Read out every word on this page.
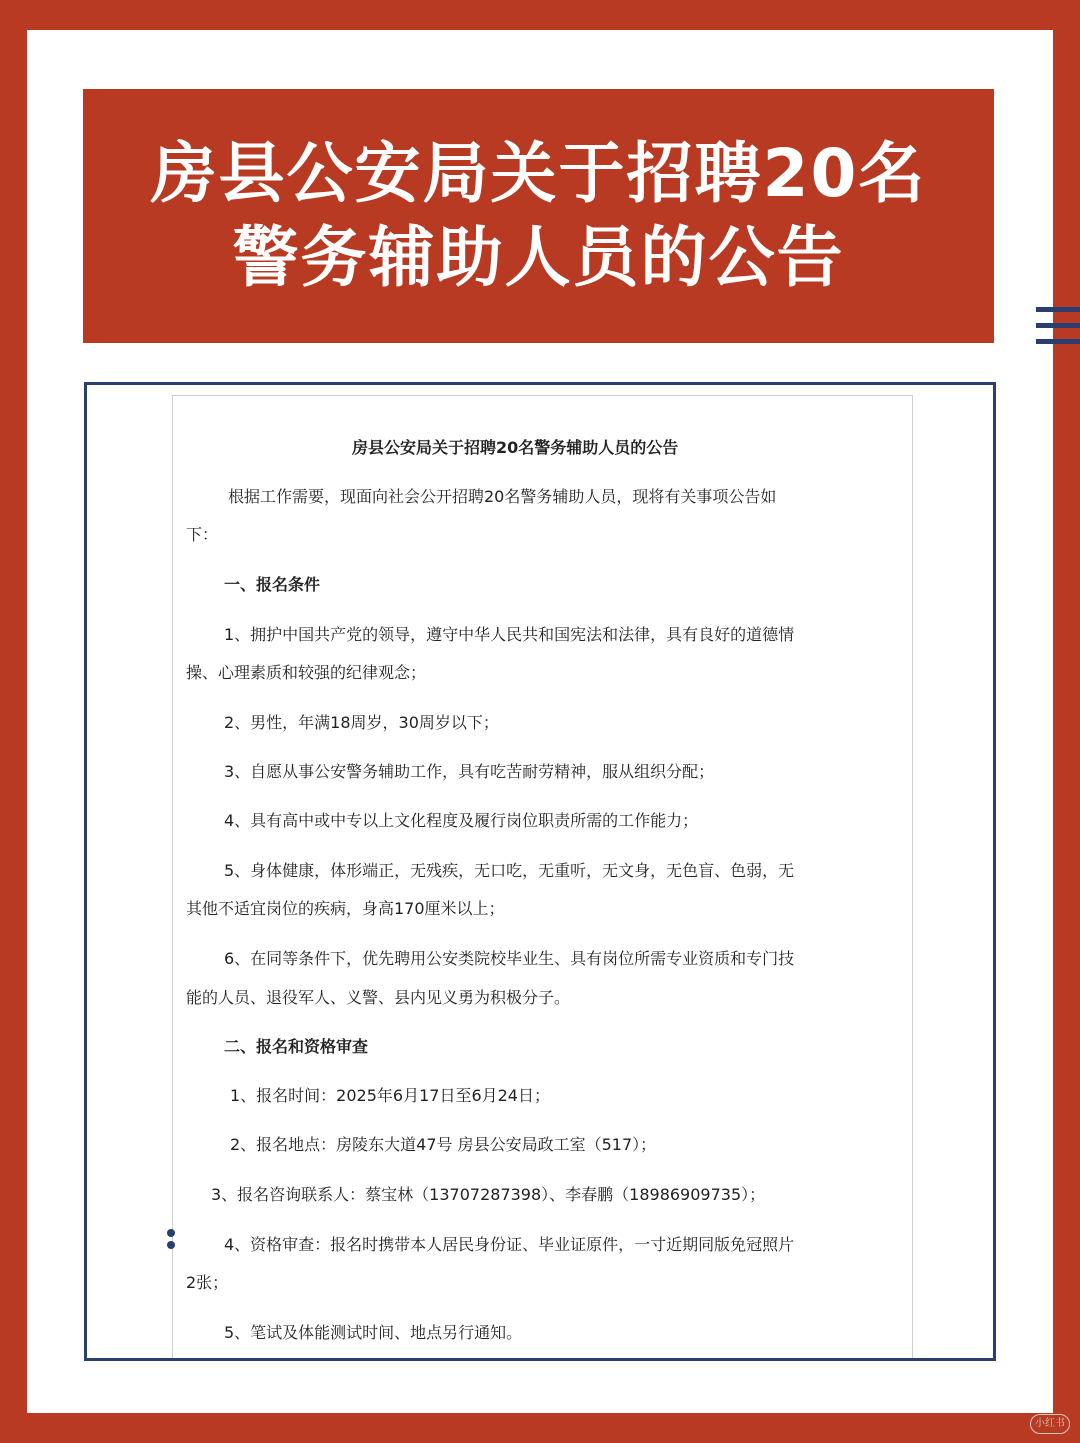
房县公安局关于招聘20名
警务辅助人员的公告
房县公安局关于招聘20名警务辅助人员的公告
根据工作需要，现面向社会公开招聘20名警务辅助人员，现将有关事项公告如
下：
一、报名条件
1、拥护中国共产党的领导，遵守中华人民共和国宪法和法律，具有良好的道德情
操、心理素质和较强的纪律观念；
2、男性，年满18周岁，30周岁以下；
3、自愿从事公安警务辅助工作，具有吃苦耐劳精神，服从组织分配；
4、具有高中或中专以上文化程度及履行岗位职责所需的工作能力；
5、身体健康，体形端正，无残疾，无口吃，无重听，无文身，无色盲、色弱，无
其他不适宜岗位的疾病，身高170厘米以上；
6、在同等条件下，优先聘用公安类院校毕业生、具有岗位所需专业资质和专门技
能的人员、退役军人、义警、县内见义勇为积极分子。
二、报名和资格审查
1、报名时间：2025年6月17日至6月24日；
2、报名地点：房陵东大道47号 房县公安局政工室（517）；
3、报名咨询联系人：蔡宝林（13707287398）、李春鹏（18986909735）；
4、资格审查：报名时携带本人居民身份证、毕业证原件，一寸近期同版免冠照片
2张；
5、笔试及体能测试时间、地点另行通知。
小红书
